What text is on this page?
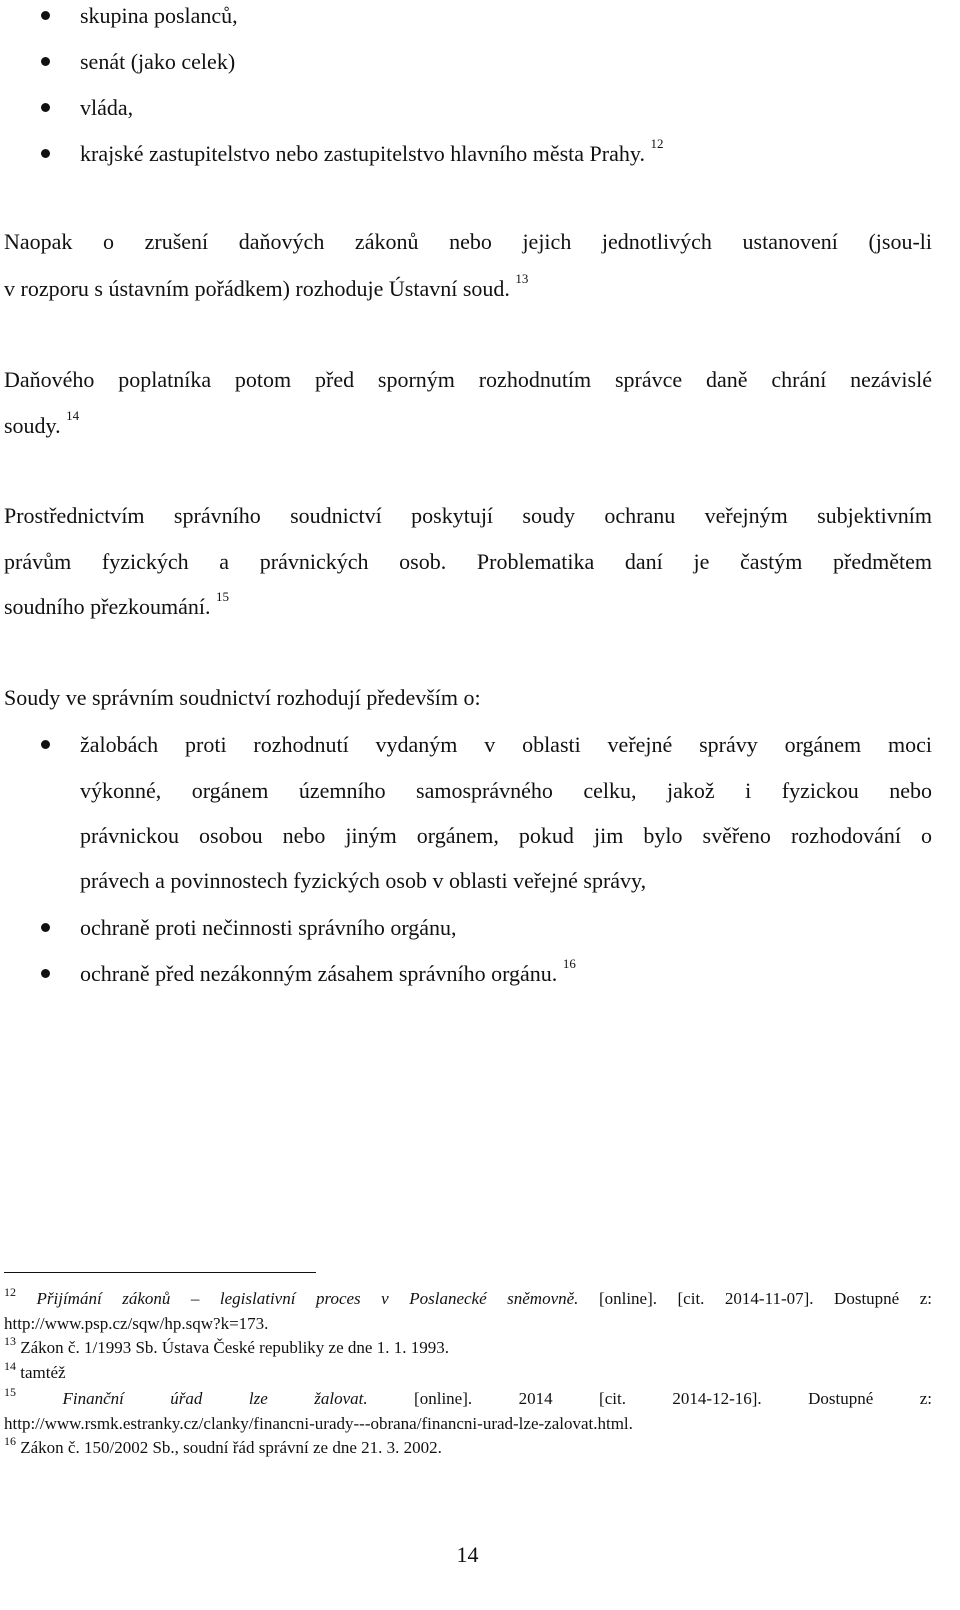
skupina poslanců,
senát (jako celek)
vláda,
krajské zastupitelstvo nebo zastupitelstvo hlavního města Prahy. $^{12}$
Naopak o zrušení daňových zákonů nebo jejich jednotlivých ustanovení (jsou-li
v rozporu s ústavním pořádkem) rozhoduje Ústavní soud. $^{13}$
Daňového poplatníka potom před sporným rozhodnutím správce daně chrání nezávislé
soudy. $^{14}$
Prostřednictvím správního soudnictví poskytují soudy ochranu veřejným subjektivním
právům fyzických a právnických osob. Problematika daní je častým předmětem
soudního přezkoumání. $^{15}$
Soudy ve správním soudnictví rozhodují především o:
žalobách proti rozhodnutí vydaným v oblasti veřejné správy orgánem moci
výkonné, orgánem územního samosprávného celku, jakož i fyzickou nebo
právnickou osobou nebo jiným orgánem, pokud jim bylo svěřeno rozhodování o
právech a povinnostech fyzických osob v oblasti veřejné správy,
ochraně proti nečinnosti správního orgánu,
ochraně před nezákonným zásahem správního orgánu. $^{16}$
$^{12}$ Přijímání zákonů – legislativní proces v Poslanecké sněmovně. [online]. [cit. 2014-11-07]. Dostupné z:
http://www.psp.cz/sqw/hp.sqw?k=173.
$^{13}$ Zákon č. 1/1993 Sb. Ústava České republiky ze dne 1. 1. 1993.
$^{14}$ tamtéž
$^{15}$	Finanční úřad lze žalovat. [online]. 2014 [cit. 2014-12-16]. Dostupné z:
http://www.rsmk.estranky.cz/clanky/financni-urady---obrana/financni-urad-lze-zalovat.html.
$^{16}$ Zákon č. 150/2002 Sb., soudní řád správní ze dne 21. 3. 2002.
14
